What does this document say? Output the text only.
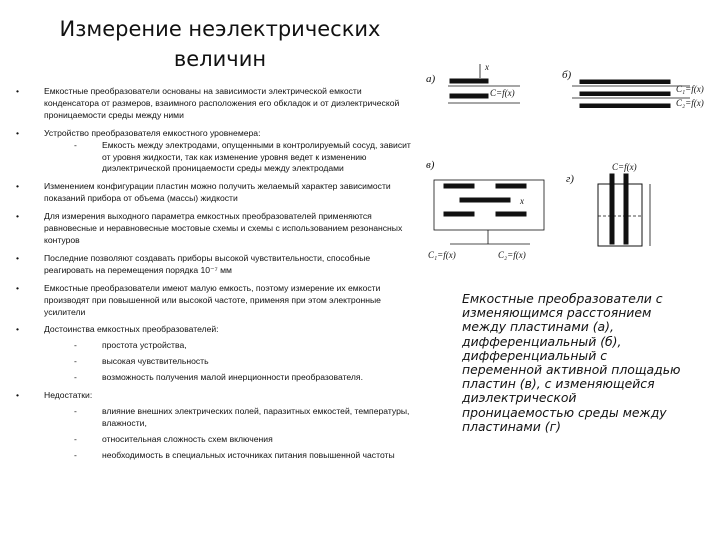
Измерение неэлектрических величин
•	Емкостные преобразователи основаны на зависимости электрической емкости конденсатора от размеров, взаимного расположения его обкладок и от диэлектрической проницаемости среды между ними
•	Устройство преобразователя емкостного уровнемера:
-	Емкость между электродами, опущенными в контролируемый сосуд, зависит от уровня жидкости, так как изменение уровня ведет к изменению диэлектрической проницаемости среды между электродами
•	Изменением конфигурации пластин можно получить желаемый характер зависимости показаний прибора от объема (массы) жидкости
•	Для измерения выходного параметра емкостных преобразователей применяются равновесные и неравновесные мостовые схемы и схемы с использованием резонансных контуров
•	Последние позволяют создавать приборы высокой чувствительности, способные реагировать на перемещения порядка 10⁻⁷ мм
•	Емкостные преобразователи имеют малую емкость, поэтому измерение их емкости производят при повышенной или высокой частоте, применяя при этом электронные усилители
•	Достоинства емкостных преобразователей:
-	простота устройства,
-	высокая чувствительность
-	возможность получения малой инерционности преобразователя.
•	Недостатки:
-	влияние внешних электрических полей, паразитных емкостей, температуры, влажности,
-	относительная сложность схем включения
-	необходимость в специальных источниках питания повышенной частоты
а)
x
C=f(x)
б)
C₁=f(x)
C₂=f(x)
в)
x
C₁=f(x)	C₂=f(x)
г)
C=f(x)
Емкостные преобразователи с изменяющимся расстоянием между пластинами (а), дифференциальный (б), дифференциальный с переменной активной площадью пластин (в), с изменяющейся диэлектрической проницаемостью среды между пластинами (г)
